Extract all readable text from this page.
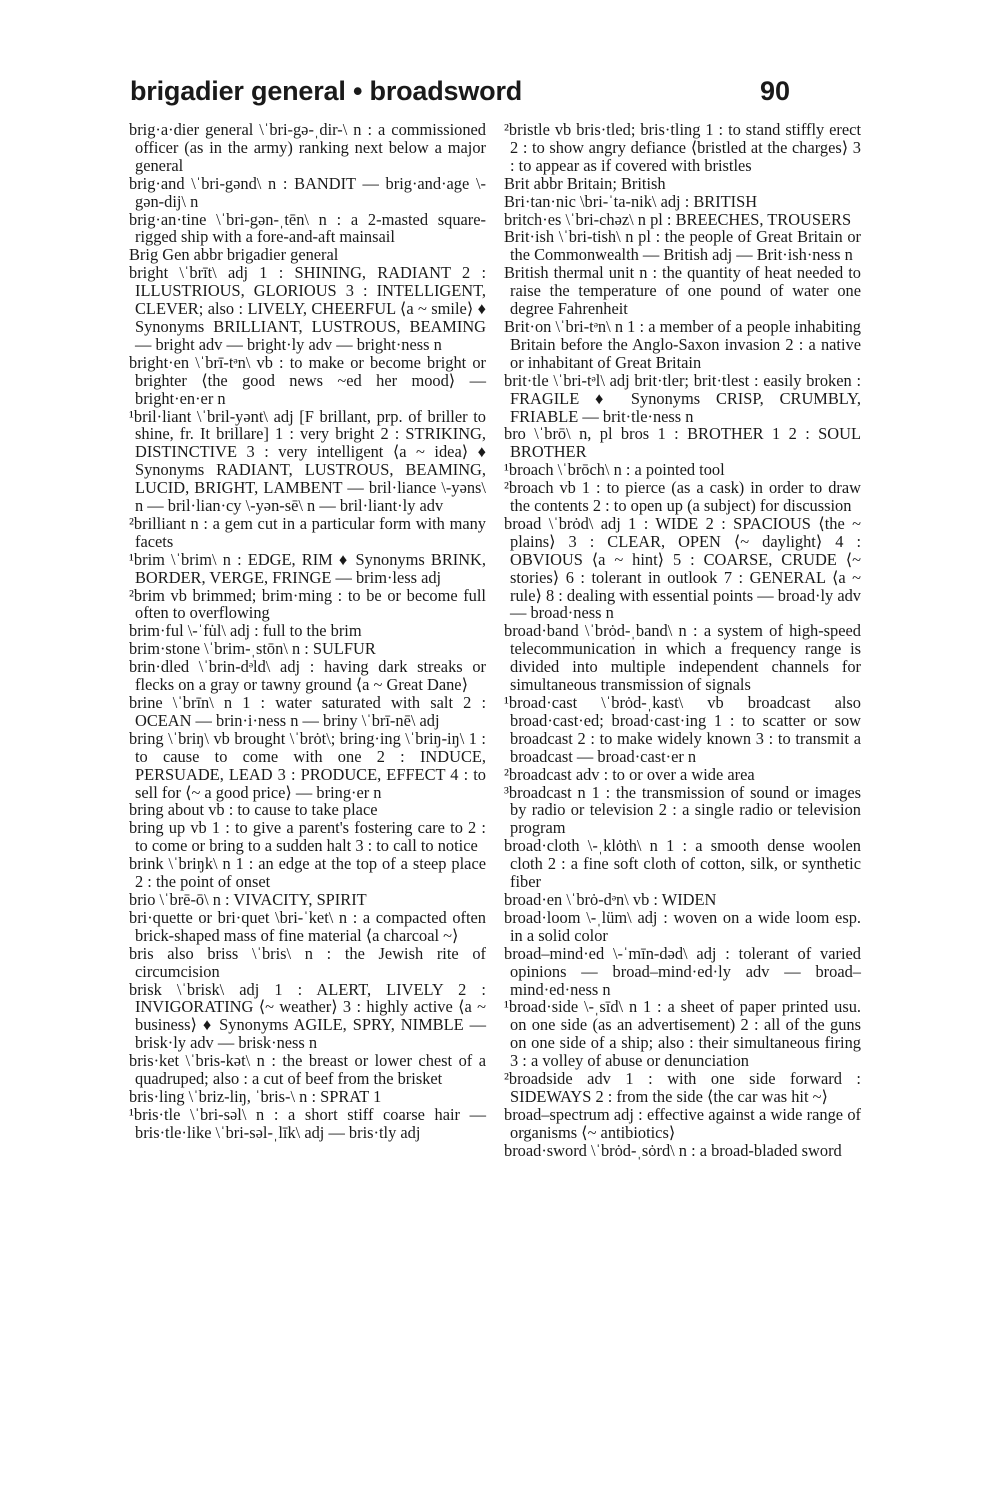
brigadier general • broadsword	90

brig·a·dier general \ˈbri-gə-ˌdir-\ n : a commissioned officer (as in the army) ranking next below a major general

brig·and \ˈbri-gənd\ n : BANDIT — brig·and·age \-gən-dij\ n

brig·an·tine \ˈbri-gən-ˌtēn\ n : a 2-masted square-rigged ship with a fore-and-aft mainsail

Brig Gen abbr brigadier general

bright \ˈbrīt\ adj 1 : SHINING, RADIANT 2 : ILLUSTRIOUS, GLORIOUS 3 : INTELLIGENT, CLEVER; also : LIVELY, CHEERFUL ⟨a ~ smile⟩ ♦ Synonyms BRILLIANT, LUSTROUS, BEAMING — bright adv — bright·ly adv — bright·ness n

bright·en \ˈbrī-tᵊn\ vb : to make or become bright or brighter ⟨the good news ~ed her mood⟩ — bright·en·er n

¹bril·liant \ˈbril-yənt\ adj [F brillant, prp. of briller to shine, fr. It brillare] 1 : very bright 2 : STRIKING, DISTINCTIVE 3 : very intelligent ⟨a ~ idea⟩ ♦ Synonyms RADIANT, LUSTROUS, BEAMING, LUCID, BRIGHT, LAMBENT — bril·liance \-yəns\ n — bril·lian·cy \-yən-sē\ n — bril·liant·ly adv

²brilliant n : a gem cut in a particular form with many facets

¹brim \ˈbrim\ n : EDGE, RIM ♦ Synonyms BRINK, BORDER, VERGE, FRINGE — brim·less adj

²brim vb brimmed; brim·ming : to be or become full often to overflowing

brim·ful \-ˈfu̇l\ adj : full to the brim

brim·stone \ˈbrim-ˌstōn\ n : SULFUR

brin·dled \ˈbrin-dᵊld\ adj : having dark streaks or flecks on a gray or tawny ground ⟨a ~ Great Dane⟩

brine \ˈbrīn\ n 1 : water saturated with salt 2 : OCEAN — brin·i·ness n — briny \ˈbrī-nē\ adj

bring \ˈbriŋ\ vb brought \ˈbrȯt\; bring·ing \ˈbriŋ-iŋ\ 1 : to cause to come with one 2 : INDUCE, PERSUADE, LEAD 3 : PRODUCE, EFFECT 4 : to sell for ⟨~ a good price⟩ — bring·er n

bring about vb : to cause to take place

bring up vb 1 : to give a parent's fostering care to 2 : to come or bring to a sudden halt 3 : to call to notice

brink \ˈbriŋk\ n 1 : an edge at the top of a steep place 2 : the point of onset

brio \ˈbrē-ō\ n : VIVACITY, SPIRIT

bri·quette or bri·quet \bri-ˈket\ n : a compacted often brick-shaped mass of fine material ⟨a charcoal ~⟩

bris also briss \ˈbris\ n : the Jewish rite of circumcision

brisk \ˈbrisk\ adj 1 : ALERT, LIVELY 2 : INVIGORATING ⟨~ weather⟩ 3 : highly active ⟨a ~ business⟩ ♦ Synonyms AGILE, SPRY, NIMBLE — brisk·ly adv — brisk·ness n

bris·ket \ˈbris-kət\ n : the breast or lower chest of a quadruped; also : a cut of beef from the brisket

bris·ling \ˈbriz-liŋ, ˈbris-\ n : SPRAT 1

¹bris·tle \ˈbri-səl\ n : a short stiff coarse hair — bris·tle·like \ˈbri-səl-ˌlīk\ adj — bris·tly adj

²bristle vb bris·tled; bris·tling 1 : to stand stiffly erect 2 : to show angry defiance ⟨bristled at the charges⟩ 3 : to appear as if covered with bristles

Brit abbr Britain; British

Bri·tan·nic \bri-ˈta-nik\ adj : BRITISH

britch·es \ˈbri-chəz\ n pl : BREECHES, TROUSERS

Brit·ish \ˈbri-tish\ n pl : the people of Great Britain or the Commonwealth — British adj — Brit·ish·ness n

British thermal unit n : the quantity of heat needed to raise the temperature of one pound of water one degree Fahrenheit

Brit·on \ˈbri-tᵊn\ n 1 : a member of a people inhabiting Britain before the Anglo-Saxon invasion 2 : a native or inhabitant of Great Britain

brit·tle \ˈbri-tᵊl\ adj brit·tler; brit·tlest : easily broken : FRAGILE ♦ Synonyms CRISP, CRUMBLY, FRIABLE — brit·tle·ness n

bro \ˈbrō\ n, pl bros 1 : BROTHER 1 2 : SOUL BROTHER

¹broach \ˈbrōch\ n : a pointed tool

²broach vb 1 : to pierce (as a cask) in order to draw the contents 2 : to open up (a subject) for discussion

broad \ˈbrȯd\ adj 1 : WIDE 2 : SPACIOUS ⟨the ~ plains⟩ 3 : CLEAR, OPEN ⟨~ daylight⟩ 4 : OBVIOUS ⟨a ~ hint⟩ 5 : COARSE, CRUDE ⟨~ stories⟩ 6 : tolerant in outlook 7 : GENERAL ⟨a ~ rule⟩ 8 : dealing with essential points — broad·ly adv — broad·ness n

broad·band \ˈbrȯd-ˌband\ n : a system of high-speed telecommunication in which a frequency range is divided into multiple independent channels for simultaneous transmission of signals

¹broad·cast \ˈbrȯd-ˌkast\ vb broadcast also broad·cast·ed; broad·cast·ing 1 : to scatter or sow broadcast 2 : to make widely known 3 : to transmit a broadcast — broad·cast·er n

²broadcast adv : to or over a wide area

³broadcast n 1 : the transmission of sound or images by radio or television 2 : a single radio or television program

broad·cloth \-ˌklȯth\ n 1 : a smooth dense woolen cloth 2 : a fine soft cloth of cotton, silk, or synthetic fiber

broad·en \ˈbrȯ-dᵊn\ vb : WIDEN

broad·loom \-ˌlüm\ adj : woven on a wide loom esp. in a solid color

broad–mind·ed \-ˈmīn-dəd\ adj : tolerant of varied opinions — broad–mind·ed·ly adv — broad–mind·ed·ness n

¹broad·side \-ˌsīd\ n 1 : a sheet of paper printed usu. on one side (as an advertisement) 2 : all of the guns on one side of a ship; also : their simultaneous firing 3 : a volley of abuse or denunciation

²broadside adv 1 : with one side forward : SIDEWAYS 2 : from the side ⟨the car was hit ~⟩

broad–spectrum adj : effective against a wide range of organisms ⟨~ antibiotics⟩

broad·sword \ˈbrȯd-ˌsȯrd\ n : a broad-bladed sword
